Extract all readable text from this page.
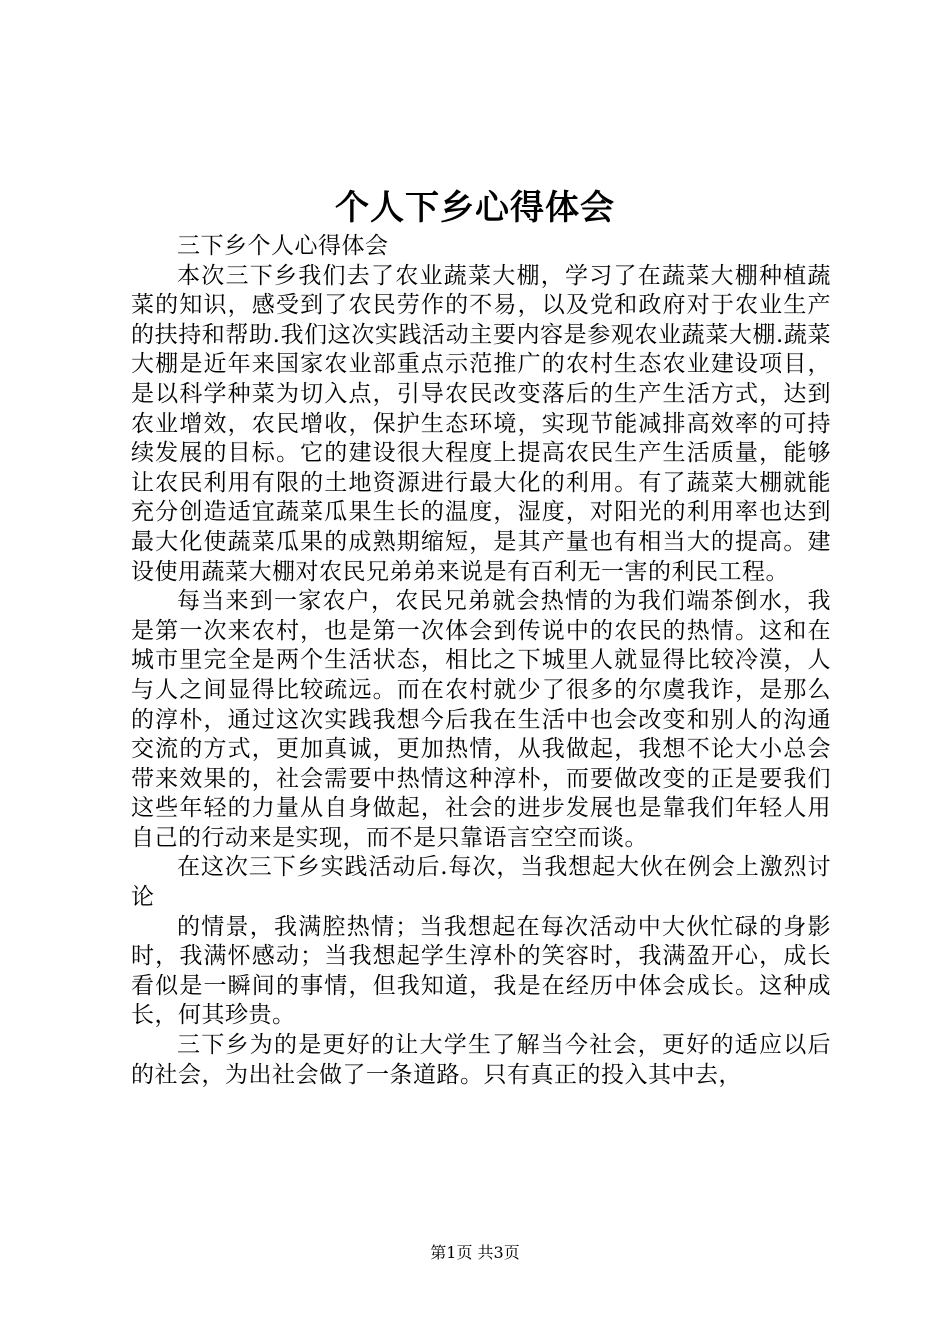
个人下乡心得体会

三下乡个人心得体会

本次三下乡我们去了农业蔬菜大棚，学习了在蔬菜大棚种植蔬菜的知识，感受到了农民劳作的不易，以及党和政府对于农业生产的扶持和帮助.我们这次实践活动主要内容是参观农业蔬菜大棚.蔬菜大棚是近年来国家农业部重点示范推广的农村生态农业建设项目，是以科学种菜为切入点，引导农民改变落后的生产生活方式，达到农业增效，农民增收，保护生态环境，实现节能减排高效率的可持续发展的目标。它的建设很大程度上提高农民生产生活质量，能够让农民利用有限的土地资源进行最大化的利用。有了蔬菜大棚就能充分创造适宜蔬菜瓜果生长的温度，湿度，对阳光的利用率也达到最大化使蔬菜瓜果的成熟期缩短，是其产量也有相当大的提高。建设使用蔬菜大棚对农民兄弟弟来说是有百利无一害的利民工程。

每当来到一家农户，农民兄弟就会热情的为我们端茶倒水，我是第一次来农村，也是第一次体会到传说中的农民的热情。这和在城市里完全是两个生活状态，相比之下城里人就显得比较冷漠，人与人之间显得比较疏远。而在农村就少了很多的尔虞我诈，是那么的淳朴，通过这次实践我想今后我在生活中也会改变和别人的沟通交流的方式，更加真诚，更加热情，从我做起，我想不论大小总会带来效果的，社会需要中热情这种淳朴，而要做改变的正是要我们这些年轻的力量从自身做起，社会的进步发展也是靠我们年轻人用自己的行动来是实现，而不是只靠语言空空而谈。

在这次三下乡实践活动后.每次，当我想起大伙在例会上激烈讨论

的情景，我满腔热情；当我想起在每次活动中大伙忙碌的身影时，我满怀感动；当我想起学生淳朴的笑容时，我满盈开心，成长看似是一瞬间的事情，但我知道，我是在经历中体会成长。这种成长，何其珍贵。

三下乡为的是更好的让大学生了解当今社会，更好的适应以后的社会，为出社会做了一条道路。只有真正的投入其中去，

第1页 共3页
